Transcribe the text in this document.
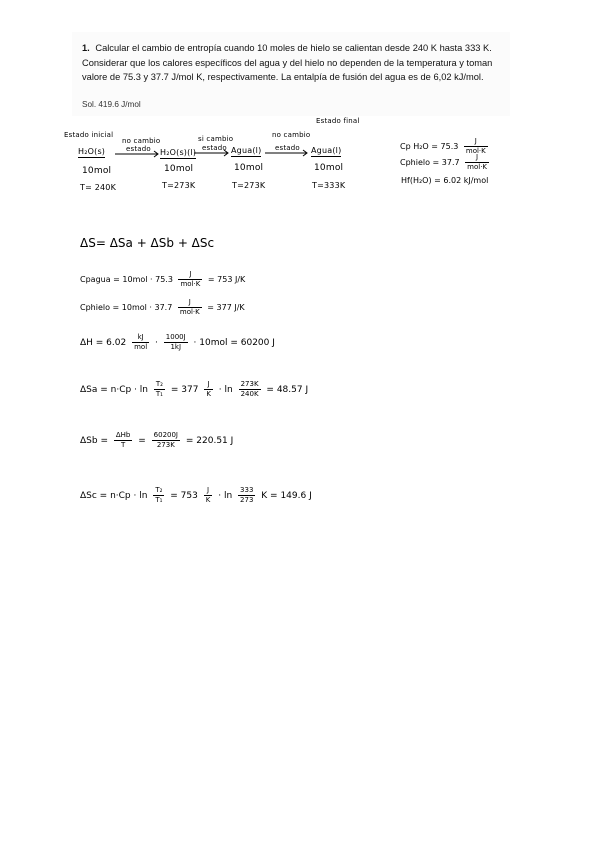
1. Calcular el cambio de entropía cuando 10 moles de hielo se calientan desde 240 K hasta 333 K. Considerar que los calores específicos del agua y del hielo no dependen de la temperatura y toman valore de 75.3 y 37.7 J/mol K, respectivamente. La entalpía de fusión del agua es de 6,02 kJ/mol.
Sol. 419.6 J/mol
Estado inicial
Estado final
H₂O(s)
10mol
T= 240K
no cambio
estado H₂O(s)(l)
10mol
T=273K
si cambio
estado Agua(l)
10mol
T=273K
no cambio
estado Agua(l)
10mol
T=333K
Cp $H_2O = 75.3 \frac{J}{\text{mol·K}}$
Cphielo = $37.7 \frac{J}{\text{mol·K}}$
Hf(H₂O) = 6.02 kJ/mol
ΔS= ΔSa + ΔSb + ΔSc
Cpagua = $10mol \cdot 75.3 \frac{J}{\text{mol·K}} = 753$ J/K
Cphielo = $10mol \cdot 37.7 \frac{J}{\text{mol·K}} = 377$ J/K
$\Delta H = 6.02 \frac{kJ}{\text{mol}} \cdot \frac{1000J}{1kJ} \cdot 10mol = 60200$ J
$\Delta Sa = n\cdot Cp \cdot \ln \frac{\text{T₂}}{\text{T₁}} = 377 \frac{J}{K} \cdot \ln \frac{273K}{240K} = 48.57$ J
$\Delta Sb = \frac{\text{ΔHb}}{T} = \frac{60200J}{273K} = 220.51$ J
$\Delta Sc = n\cdot Cp \cdot \ln \frac{\text{T₂}}{\text{T₁}} = 753 \frac{J}{K} \cdot \ln \frac{333}{273}$ K = 149.6 J
